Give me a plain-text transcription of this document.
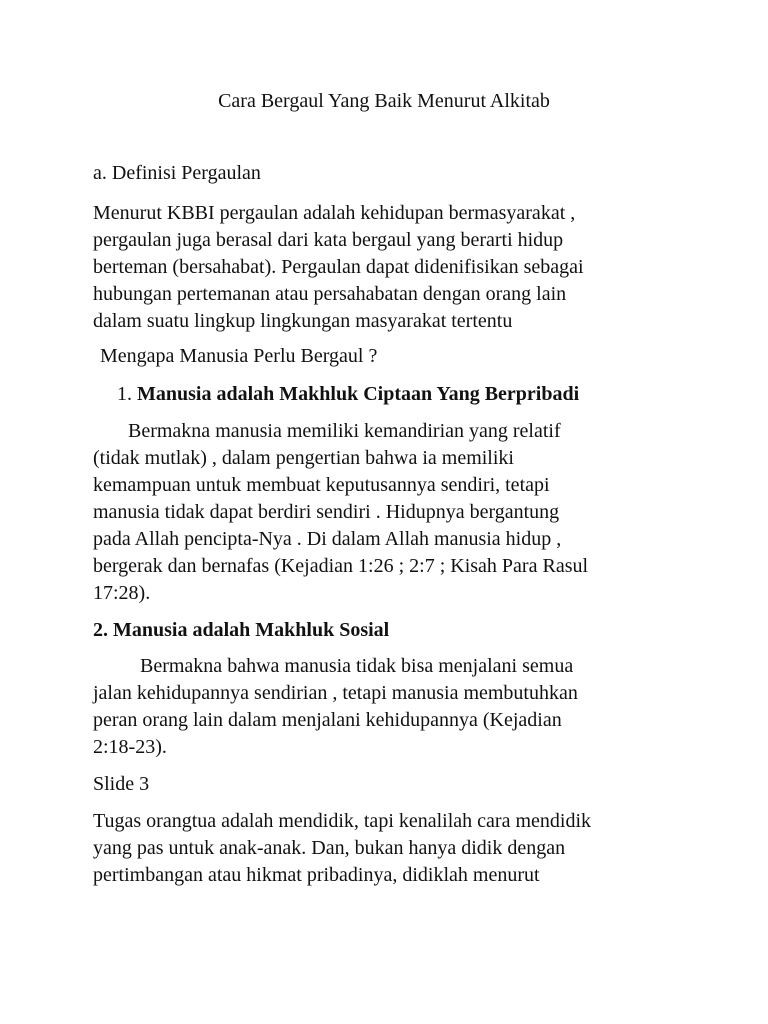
Cara Bergaul Yang Baik Menurut Alkitab
a. Definisi Pergaulan
Menurut KBBI pergaulan adalah kehidupan bermasyarakat ,
pergaulan juga berasal dari kata bergaul yang berarti hidup
berteman (bersahabat). Pergaulan dapat didenifisikan sebagai
hubungan pertemanan atau persahabatan dengan orang lain
dalam suatu lingkup lingkungan masyarakat tertentu
Mengapa Manusia Perlu Bergaul ?
1. Manusia adalah Makhluk Ciptaan Yang Berpribadi
Bermakna manusia memiliki kemandirian yang relatif
(tidak mutlak) , dalam pengertian bahwa ia memiliki
kemampuan untuk membuat keputusannya sendiri, tetapi
manusia tidak dapat berdiri sendiri . Hidupnya bergantung
pada Allah pencipta-Nya . Di dalam Allah manusia hidup ,
bergerak dan bernafas (Kejadian 1:26 ; 2:7 ; Kisah Para Rasul
17:28).
2. Manusia adalah Makhluk Sosial
Bermakna bahwa manusia tidak bisa menjalani semua
jalan kehidupannya sendirian , tetapi manusia membutuhkan
peran orang lain dalam menjalani kehidupannya (Kejadian
2:18-23).
Slide 3
Tugas orangtua adalah mendidik, tapi kenalilah cara mendidik
yang pas untuk anak-anak. Dan, bukan hanya didik dengan
pertimbangan atau hikmat pribadinya, didiklah menurut
